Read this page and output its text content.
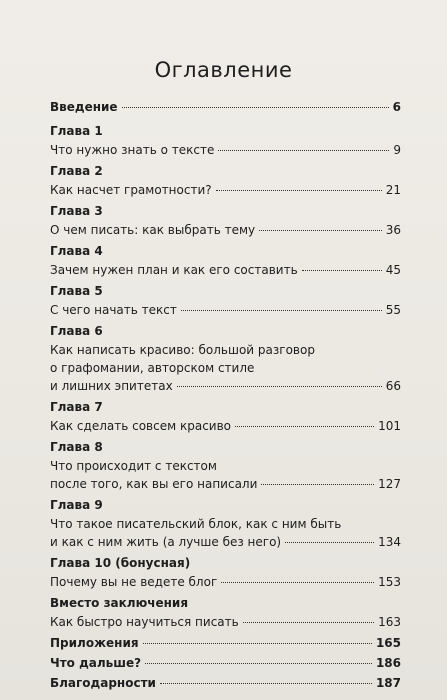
Оглавление
Введение	6
Глава 1
Что нужно знать о тексте	9
Глава 2
Как насчет грамотности?	21
Глава 3
О чем писать: как выбрать тему	36
Глава 4
Зачем нужен план и как его составить	45
Глава 5
С чего начать текст	55
Глава 6
Как написать красиво: большой разговор
о графомании, авторском стиле
и лишних эпитетах	66
Глава 7
Как сделать совсем красиво	101
Глава 8
Что происходит с текстом
после того, как вы его написали	127
Глава 9
Что такое писательский блок, как с ним быть
и как с ним жить (а лучше без него)	134
Глава 10 (бонусная)
Почему вы не ведете блог	153
Вместо заключения
Как быстро научиться писать	163
Приложения	165
Что дальше?	186
Благодарности	187
